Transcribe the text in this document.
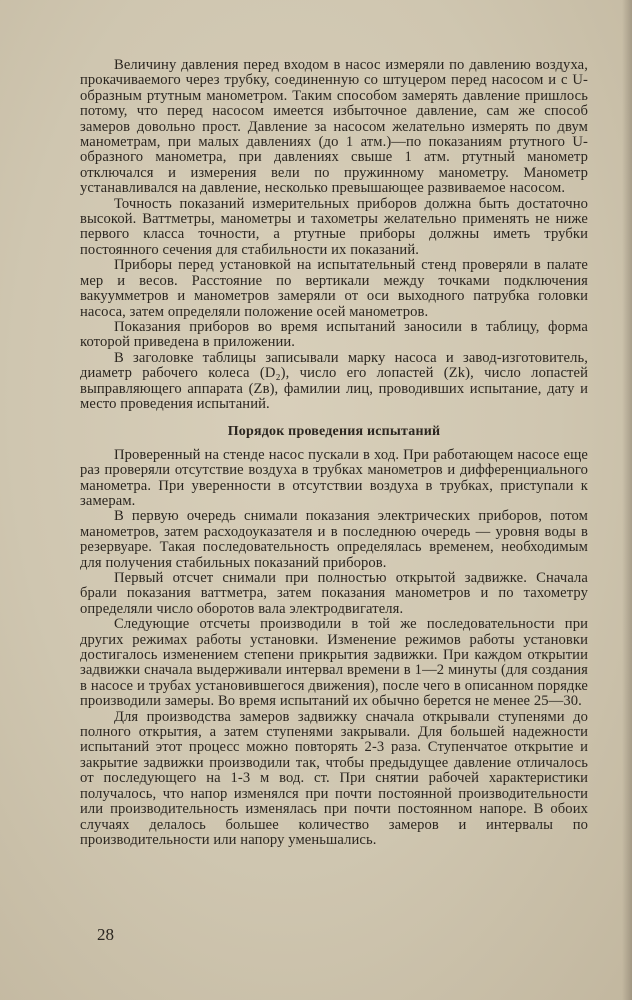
Величину давления перед входом в насос измеряли по давлению воздуха, прокачиваемого через трубку, соединенную со штуцером перед насосом и с U-образным ртутным манометром. Таким способом замерять давление пришлось потому, что перед насосом имеется избыточное давление, сам же способ замеров довольно прост. Давление за насосом желательно измерять по двум манометрам, при малых давлениях (до 1 атм.)—по показаниям ртутного U-образного манометра, при давлениях свыше 1 атм. ртутный манометр отключался и измерения вели по пружинному манометру. Манометр устанавливался на давление, несколько превышающее развиваемое насосом.

Точность показаний измерительных приборов должна быть достаточно высокой. Ваттметры, манометры и тахометры желательно применять не ниже первого класса точности, а ртутные приборы должны иметь трубки постоянного сечения для стабильности их показаний.

Приборы перед установкой на испытательный стенд проверяли в палате мер и весов. Расстояние по вертикали между точками подключения вакуумметров и манометров замеряли от оси выходного патрубка головки насоса, затем определяли положение осей манометров.

Показания приборов во время испытаний заносили в таблицу, форма которой приведена в приложении.

В заголовке таблицы записывали марку насоса и завод-изготовитель, диаметр рабочего колеса (D₂), число его лопастей (Zk), число лопастей выправляющего аппарата (Zв), фамилии лиц, проводивших испытание, дату и место проведения испытаний.

Порядок проведения испытаний

Проверенный на стенде насос пускали в ход. При работающем насосе еще раз проверяли отсутствие воздуха в трубках манометров и дифференциального манометра. При уверенности в отсутствии воздуха в трубках, приступали к замерам.

В первую очередь снимали показания электрических приборов, потом манометров, затем расходоуказателя и в последнюю очередь — уровня воды в резервуаре. Такая последовательность определялась временем, необходимым для получения стабильных показаний приборов.

Первый отсчет снимали при полностью открытой задвижке. Сначала брали показания ваттметра, затем показания манометров и по тахометру определяли число оборотов вала электродвигателя.

Следующие отсчеты производили в той же последовательности при других режимах работы установки. Изменение режимов работы установки достигалось изменением степени прикрытия задвижки. При каждом открытии задвижки сначала выдерживали интервал времени в 1—2 минуты (для создания в насосе и трубах установившегося движения), после чего в описанном порядке производили замеры. Во время испытаний их обычно берется не менее 25—30.

Для производства замеров задвижку сначала открывали ступенями до полного открытия, а затем ступенями закрывали. Для большей надежности испытаний этот процесс можно повторять 2-3 раза. Ступенчатое открытие и закрытие задвижки производили так, чтобы предыдущее давление отличалось от последующего на 1-3 м вод. ст. При снятии рабочей характеристики получалось, что напор изменялся при почти постоянной производительности или производительность изменялась при почти постоянном напоре. В обоих случаях делалось большее количество замеров и интервалы по производительности или напору уменьшались.

28
